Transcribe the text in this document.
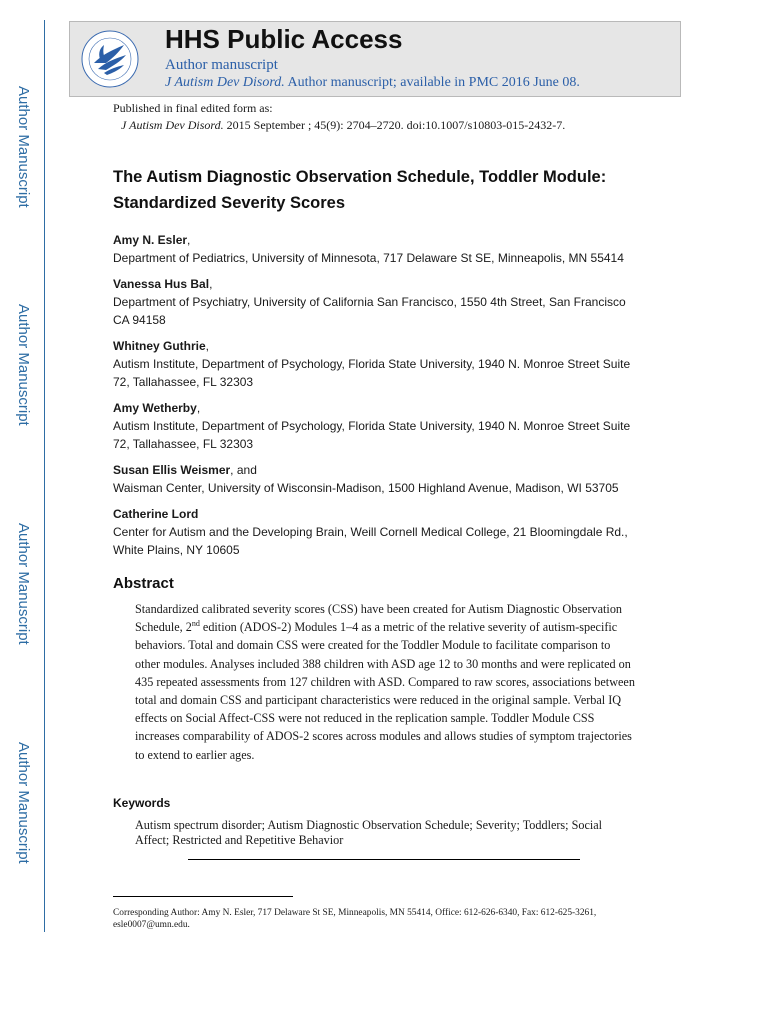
Author Manuscript
Author Manuscript
Author Manuscript
Author Manuscript
HHS Public Access
Author manuscript
J Autism Dev Disord. Author manuscript; available in PMC 2016 June 08.
Published in final edited form as:
J Autism Dev Disord. 2015 September ; 45(9): 2704–2720. doi:10.1007/s10803-015-2432-7.
The Autism Diagnostic Observation Schedule, Toddler Module:
Standardized Severity Scores
Amy N. Esler,
Department of Pediatrics, University of Minnesota, 717 Delaware St SE, Minneapolis, MN 55414
Vanessa Hus Bal,
Department of Psychiatry, University of California San Francisco, 1550 4th Street, San Francisco
CA 94158
Whitney Guthrie,
Autism Institute, Department of Psychology, Florida State University, 1940 N. Monroe Street Suite
72, Tallahassee, FL 32303
Amy Wetherby,
Autism Institute, Department of Psychology, Florida State University, 1940 N. Monroe Street Suite
72, Tallahassee, FL 32303
Susan Ellis Weismer, and
Waisman Center, University of Wisconsin-Madison, 1500 Highland Avenue, Madison, WI 53705
Catherine Lord
Center for Autism and the Developing Brain, Weill Cornell Medical College, 21 Bloomingdale Rd.,
White Plains, NY 10605
Abstract
Standardized calibrated severity scores (CSS) have been created for Autism Diagnostic Observation Schedule, 2nd edition (ADOS-2) Modules 1–4 as a metric of the relative severity of autism-specific behaviors. Total and domain CSS were created for the Toddler Module to facilitate comparison to other modules. Analyses included 388 children with ASD age 12 to 30 months and were replicated on 435 repeated assessments from 127 children with ASD. Compared to raw scores, associations between total and domain CSS and participant characteristics were reduced in the original sample. Verbal IQ effects on Social Affect-CSS were not reduced in the replication sample. Toddler Module CSS increases comparability of ADOS-2 scores across modules and allows studies of symptom trajectories to extend to earlier ages.
Keywords
Autism spectrum disorder; Autism Diagnostic Observation Schedule; Severity; Toddlers; Social Affect; Restricted and Repetitive Behavior
Corresponding Author: Amy N. Esler, 717 Delaware St SE, Minneapolis, MN 55414, Office: 612-626-6340, Fax: 612-625-3261, esle0007@umn.edu.
